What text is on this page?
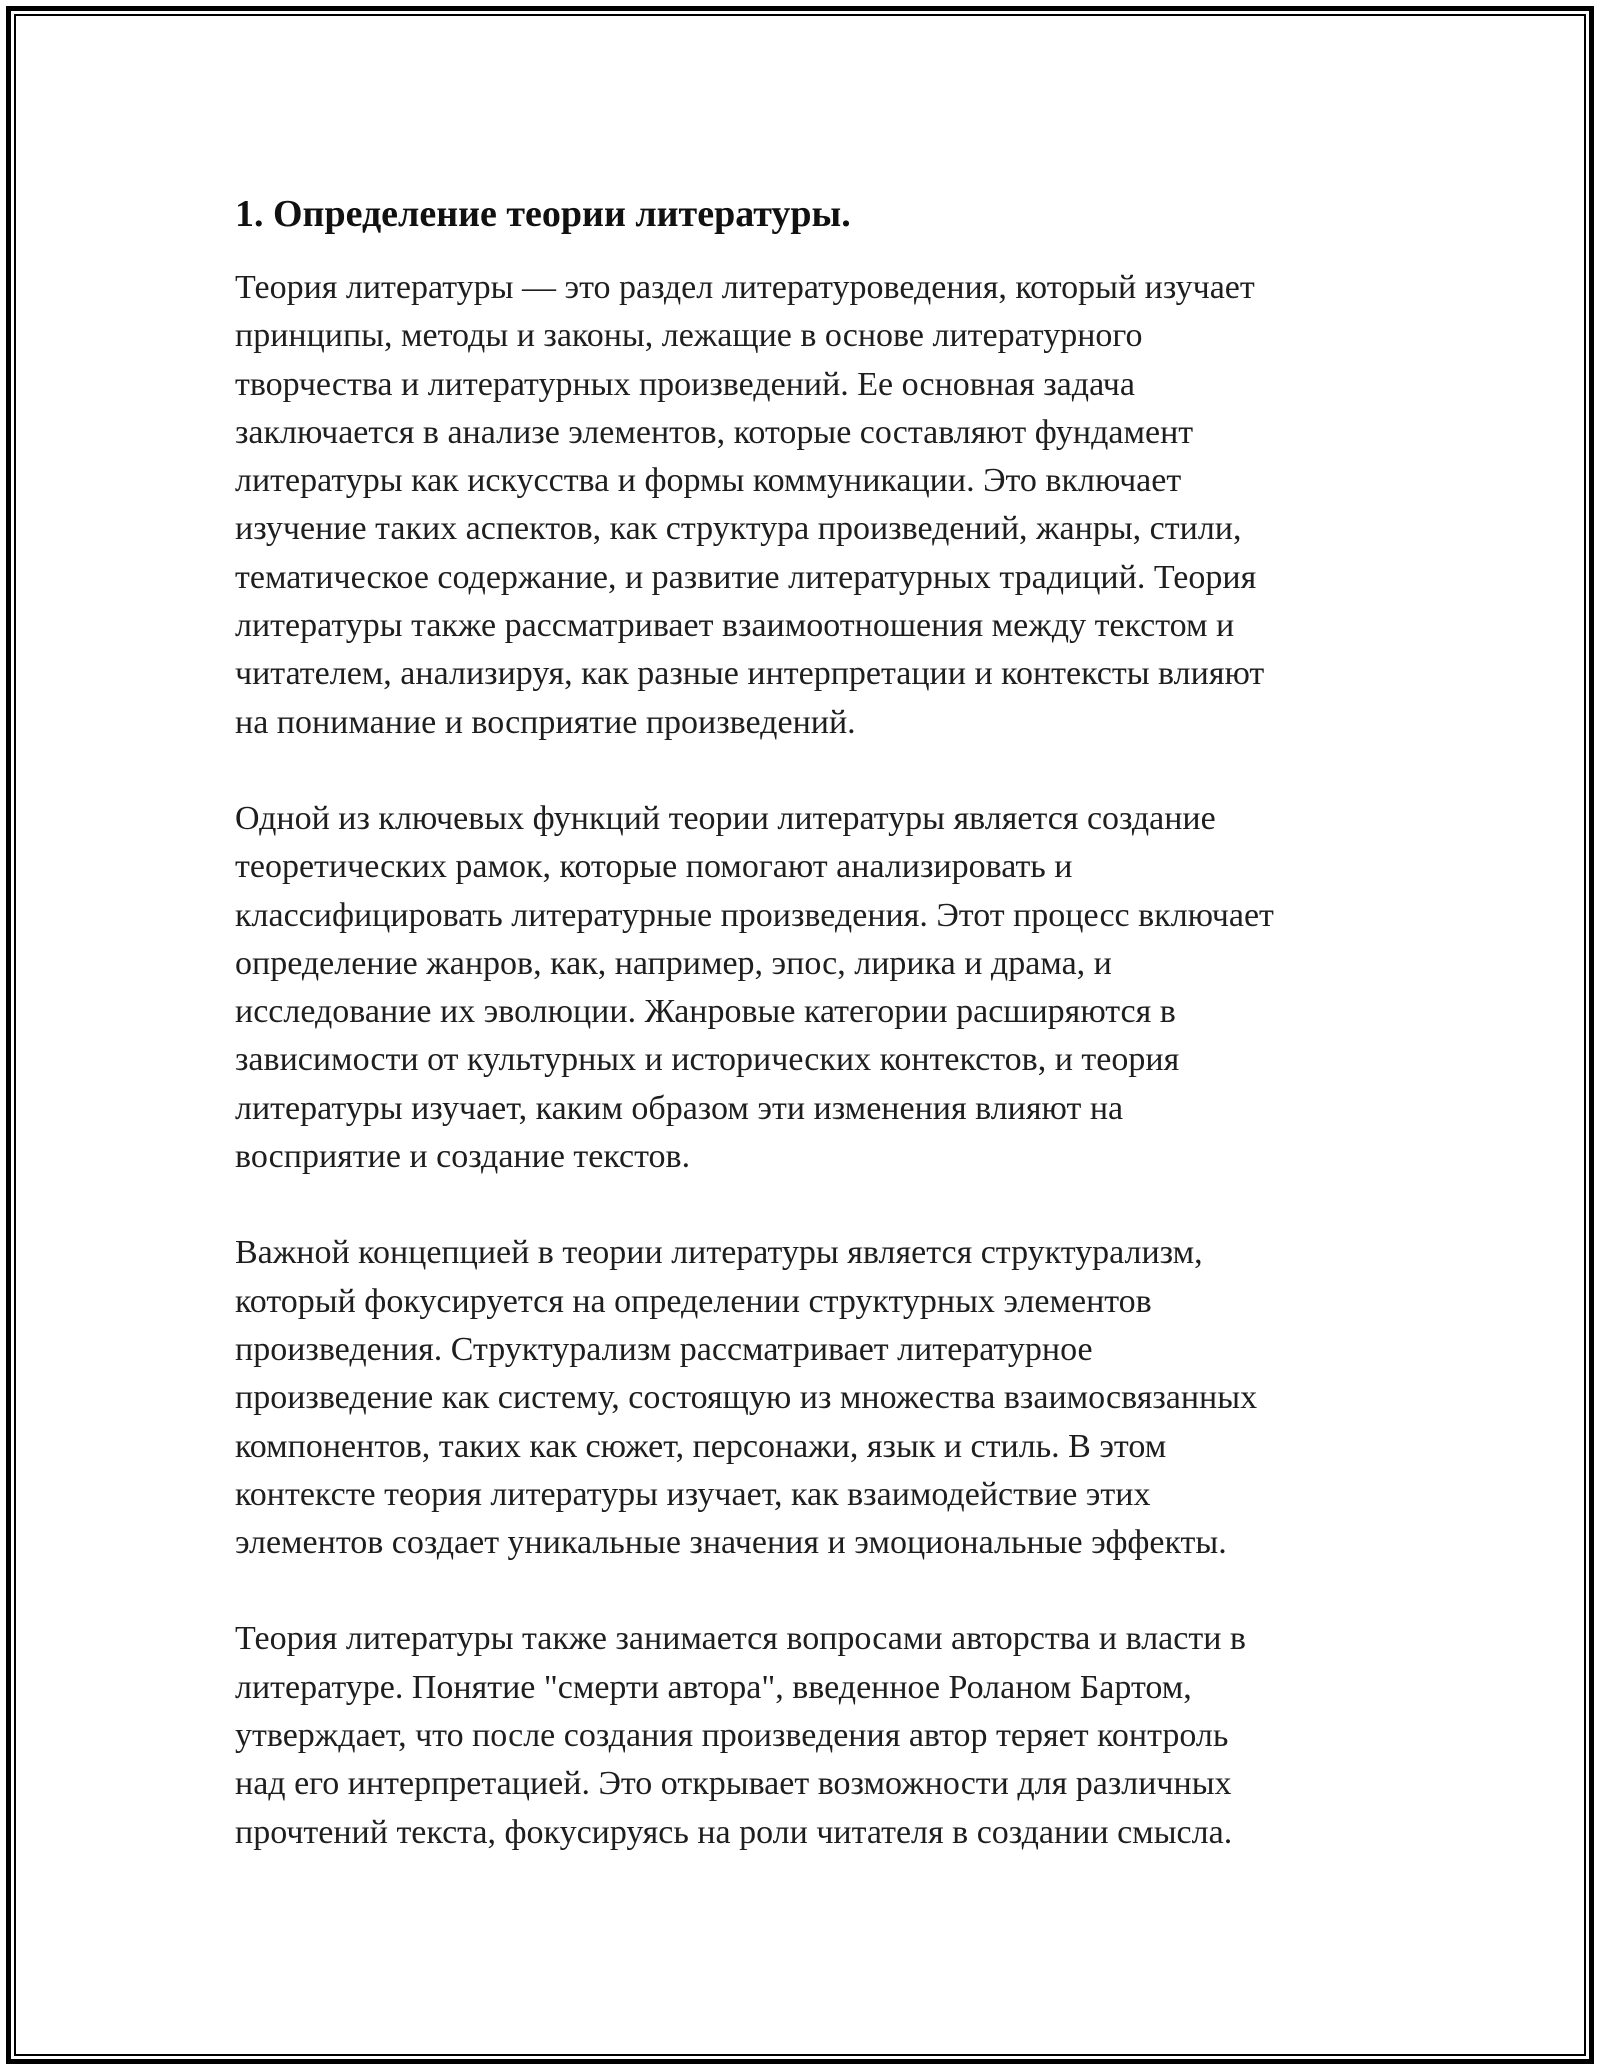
1. Определение теории литературы.

Теория литературы — это раздел литературоведения, который изучает
принципы, методы и законы, лежащие в основе литературного
творчества и литературных произведений. Ее основная задача
заключается в анализе элементов, которые составляют фундамент
литературы как искусства и формы коммуникации. Это включает
изучение таких аспектов, как структура произведений, жанры, стили,
тематическое содержание, и развитие литературных традиций. Теория
литературы также рассматривает взаимоотношения между текстом и
читателем, анализируя, как разные интерпретации и контексты влияют
на понимание и восприятие произведений.

Одной из ключевых функций теории литературы является создание
теоретических рамок, которые помогают анализировать и
классифицировать литературные произведения. Этот процесс включает
определение жанров, как, например, эпос, лирика и драма, и
исследование их эволюции. Жанровые категории расширяются в
зависимости от культурных и исторических контекстов, и теория
литературы изучает, каким образом эти изменения влияют на
восприятие и создание текстов.

Важной концепцией в теории литературы является структурализм,
который фокусируется на определении структурных элементов
произведения. Структурализм рассматривает литературное
произведение как систему, состоящую из множества взаимосвязанных
компонентов, таких как сюжет, персонажи, язык и стиль. В этом
контексте теория литературы изучает, как взаимодействие этих
элементов создает уникальные значения и эмоциональные эффекты.

Теория литературы также занимается вопросами авторства и власти в
литературе. Понятие "смерти автора", введенное Роланом Бартом,
утверждает, что после создания произведения автор теряет контроль
над его интерпретацией. Это открывает возможности для различных
прочтений текста, фокусируясь на роли читателя в создании смысла.
